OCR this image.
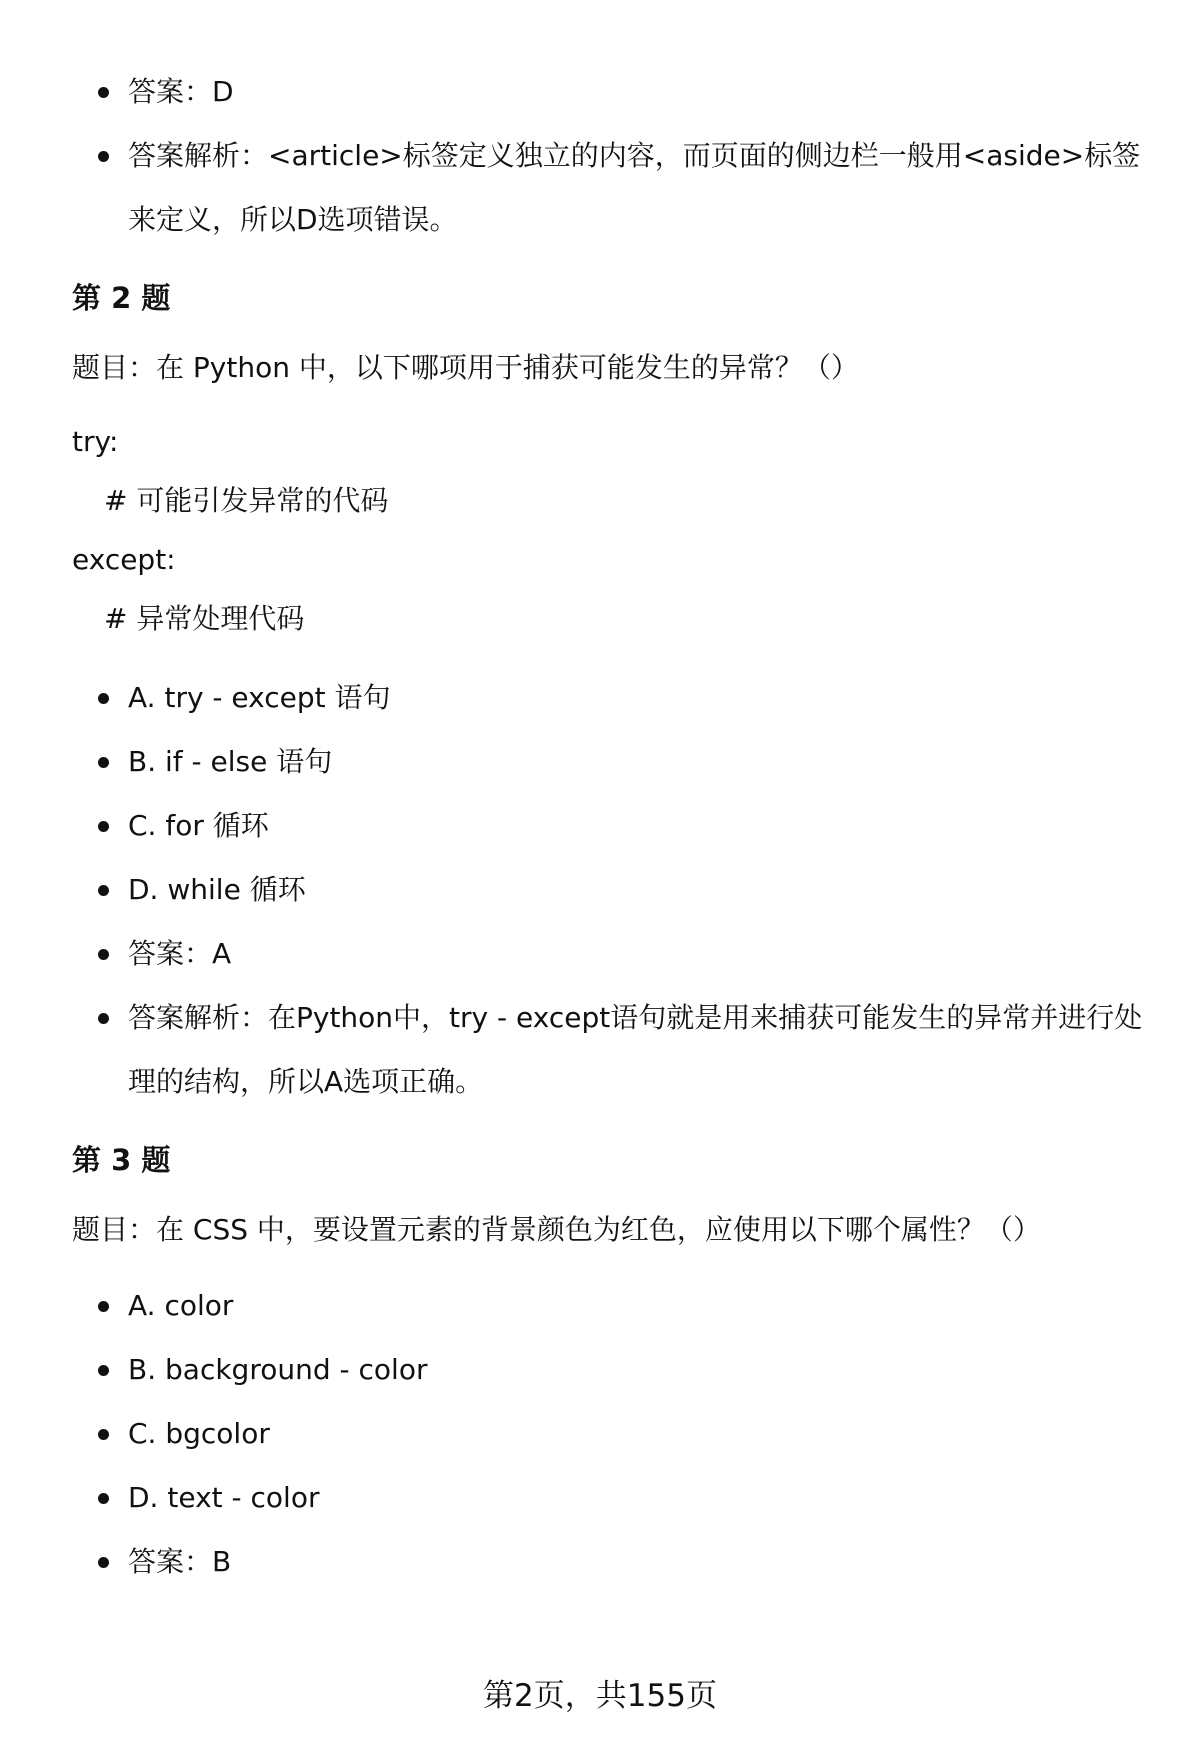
答案：D
答案解析：<article>标签定义独立的内容，而页面的侧边栏一般用<aside>标签来定义，所以D选项错误。
第 2 题
题目：在 Python 中，以下哪项用于捕获可能发生的异常？（）
try:
# 可能引发异常的代码
except:
# 异常处理代码
A. try - except 语句
B. if - else 语句
C. for 循环
D. while 循环
答案：A
答案解析：在Python中，try - except语句就是用来捕获可能发生的异常并进行处理的结构，所以A选项正确。
第 3 题
题目：在 CSS 中，要设置元素的背景颜色为红色，应使用以下哪个属性？（）
A. color
B. background - color
C. bgcolor
D. text - color
答案：B
第2页，共155页
